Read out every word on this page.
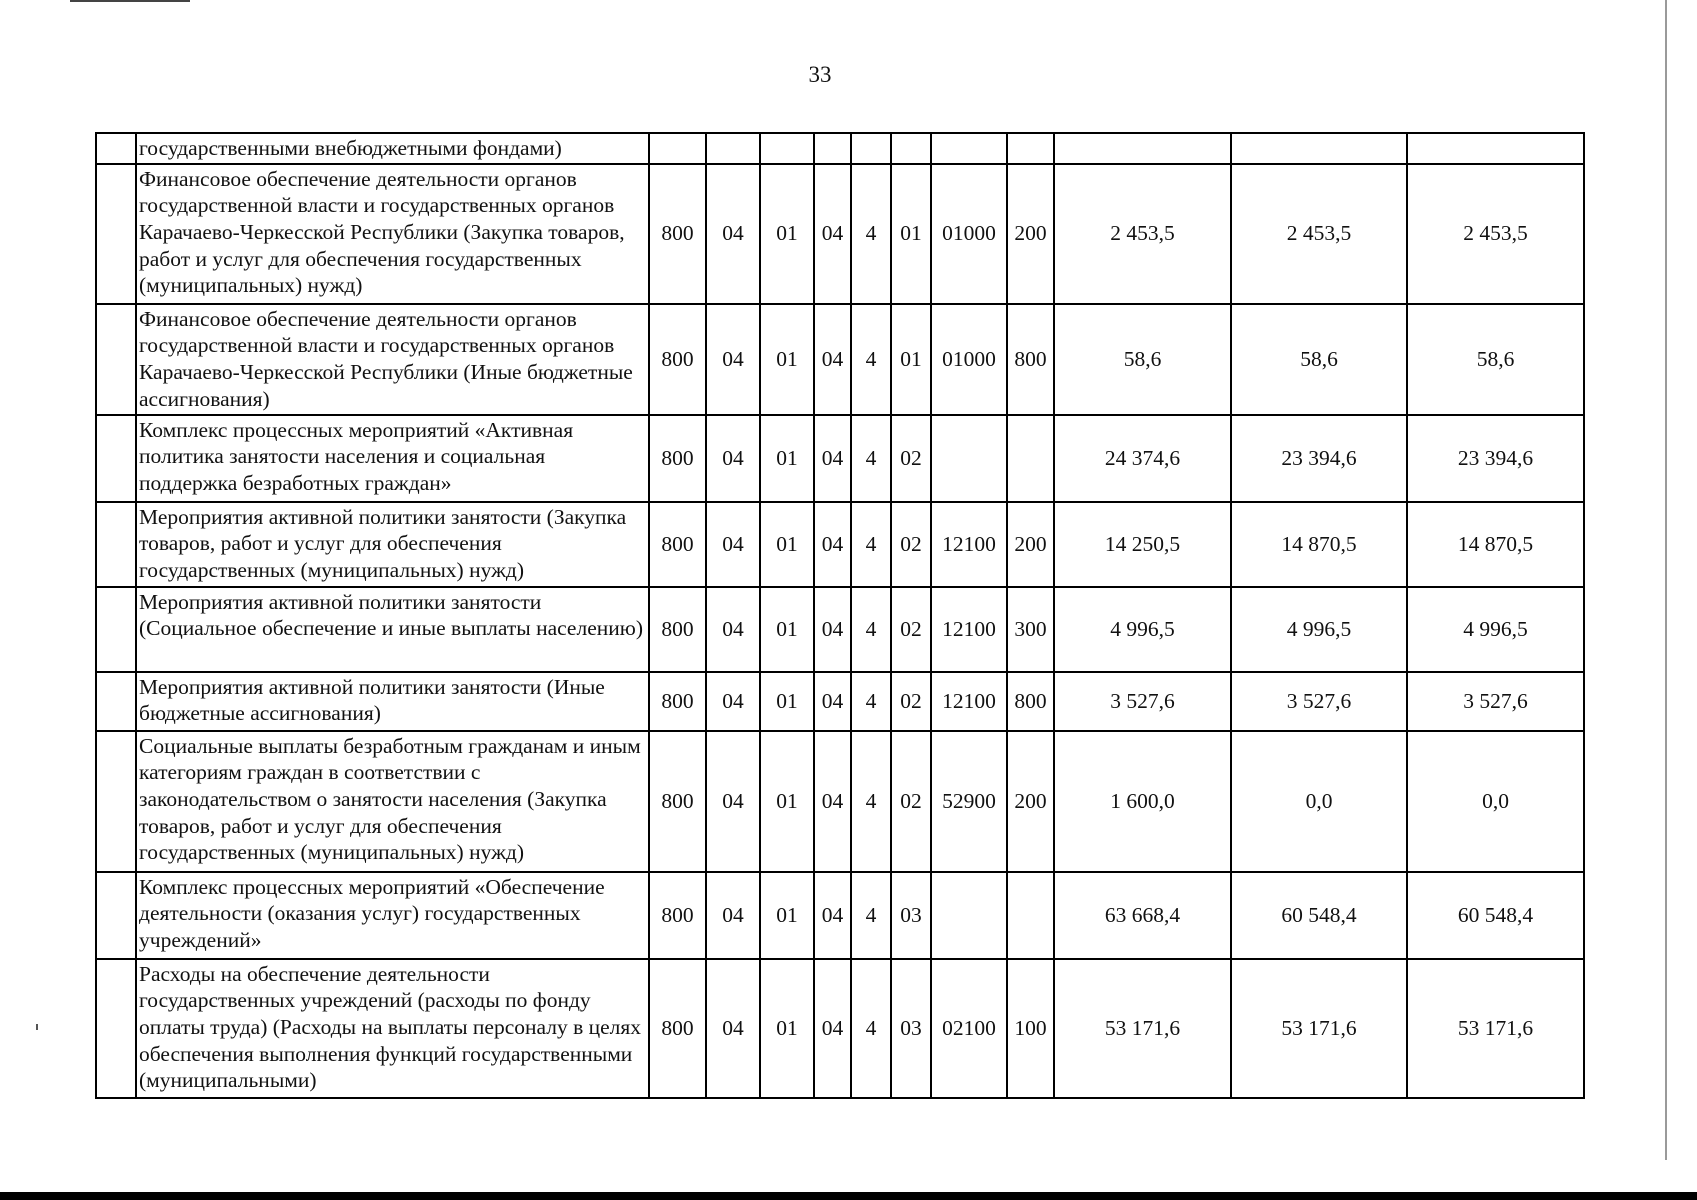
33
	государственными внебюджетными фондами)											
	Финансовое обеспечение деятельности органов государственной власти и государственных органов Карачаево-Черкесской Республики (Закупка товаров, работ и услуг для обеспечения государственных (муниципальных) нужд)	800	04	01	04	4	01	01000	200	2 453,5	2 453,5	2 453,5
	Финансовое обеспечение деятельности органов государственной власти и государственных органов Карачаево-Черкесской Республики (Иные бюджетные ассигнования)	800	04	01	04	4	01	01000	800	58,6	58,6	58,6
	Комплекс процессных мероприятий «Активная политика занятости населения и социальная поддержка безработных граждан»	800	04	01	04	4	02			24 374,6	23 394,6	23 394,6
	Мероприятия активной политики занятости (Закупка товаров, работ и услуг для обеспечения государственных (муниципальных) нужд)	800	04	01	04	4	02	12100	200	14 250,5	14 870,5	14 870,5
	Мероприятия активной политики занятости (Социальное обеспечение и иные выплаты населению)	800	04	01	04	4	02	12100	300	4 996,5	4 996,5	4 996,5
	Мероприятия активной политики занятости (Иные бюджетные ассигнования)	800	04	01	04	4	02	12100	800	3 527,6	3 527,6	3 527,6
	Социальные выплаты безработным гражданам и иным категориям граждан в соответствии с законодательством о занятости населения (Закупка товаров, работ и услуг для обеспечения государственных (муниципальных) нужд)	800	04	01	04	4	02	52900	200	1 600,0	0,0	0,0
	Комплекс процессных мероприятий «Обеспечение деятельности (оказания услуг) государственных учреждений»	800	04	01	04	4	03			63 668,4	60 548,4	60 548,4
	Расходы на обеспечение деятельности государственных учреждений (расходы по фонду оплаты труда) (Расходы на выплаты персоналу в целях обеспечения выполнения функций государственными (муниципальными)	800	04	01	04	4	03	02100	100	53 171,6	53 171,6	53 171,6
